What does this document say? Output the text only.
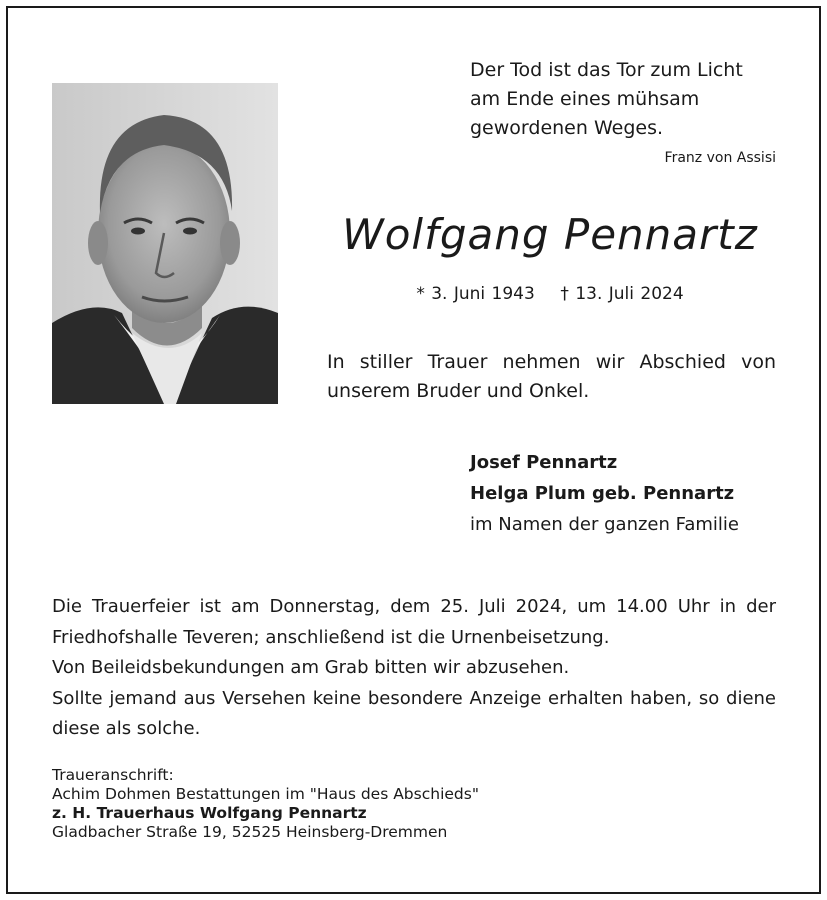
Der Tod ist das Tor zum Licht
am Ende eines mühsam
gewordenen Weges.
Franz von Assisi
Wolfgang Pennartz
* 3. Juni 1943 † 13. Juli 2024
In stiller Trauer nehmen wir Abschied von unserem Bruder und Onkel.
Josef Pennartz
Helga Plum geb. Pennartz
im Namen der ganzen Familie

Die Trauerfeier ist am Donnerstag, dem 25. Juli 2024, um 14.00 Uhr in der Friedhofshalle Teveren; anschließend ist die Urnenbeisetzung.

Von Beileidsbekundungen am Grab bitten wir abzusehen.

Sollte jemand aus Versehen keine besondere Anzeige erhalten haben, so diene diese als solche.

Traueranschrift:
Achim Dohmen Bestattungen im "Haus des Abschieds"
z. H. Trauerhaus Wolfgang Pennartz
Gladbacher Straße 19, 52525 Heinsberg-Dremmen
